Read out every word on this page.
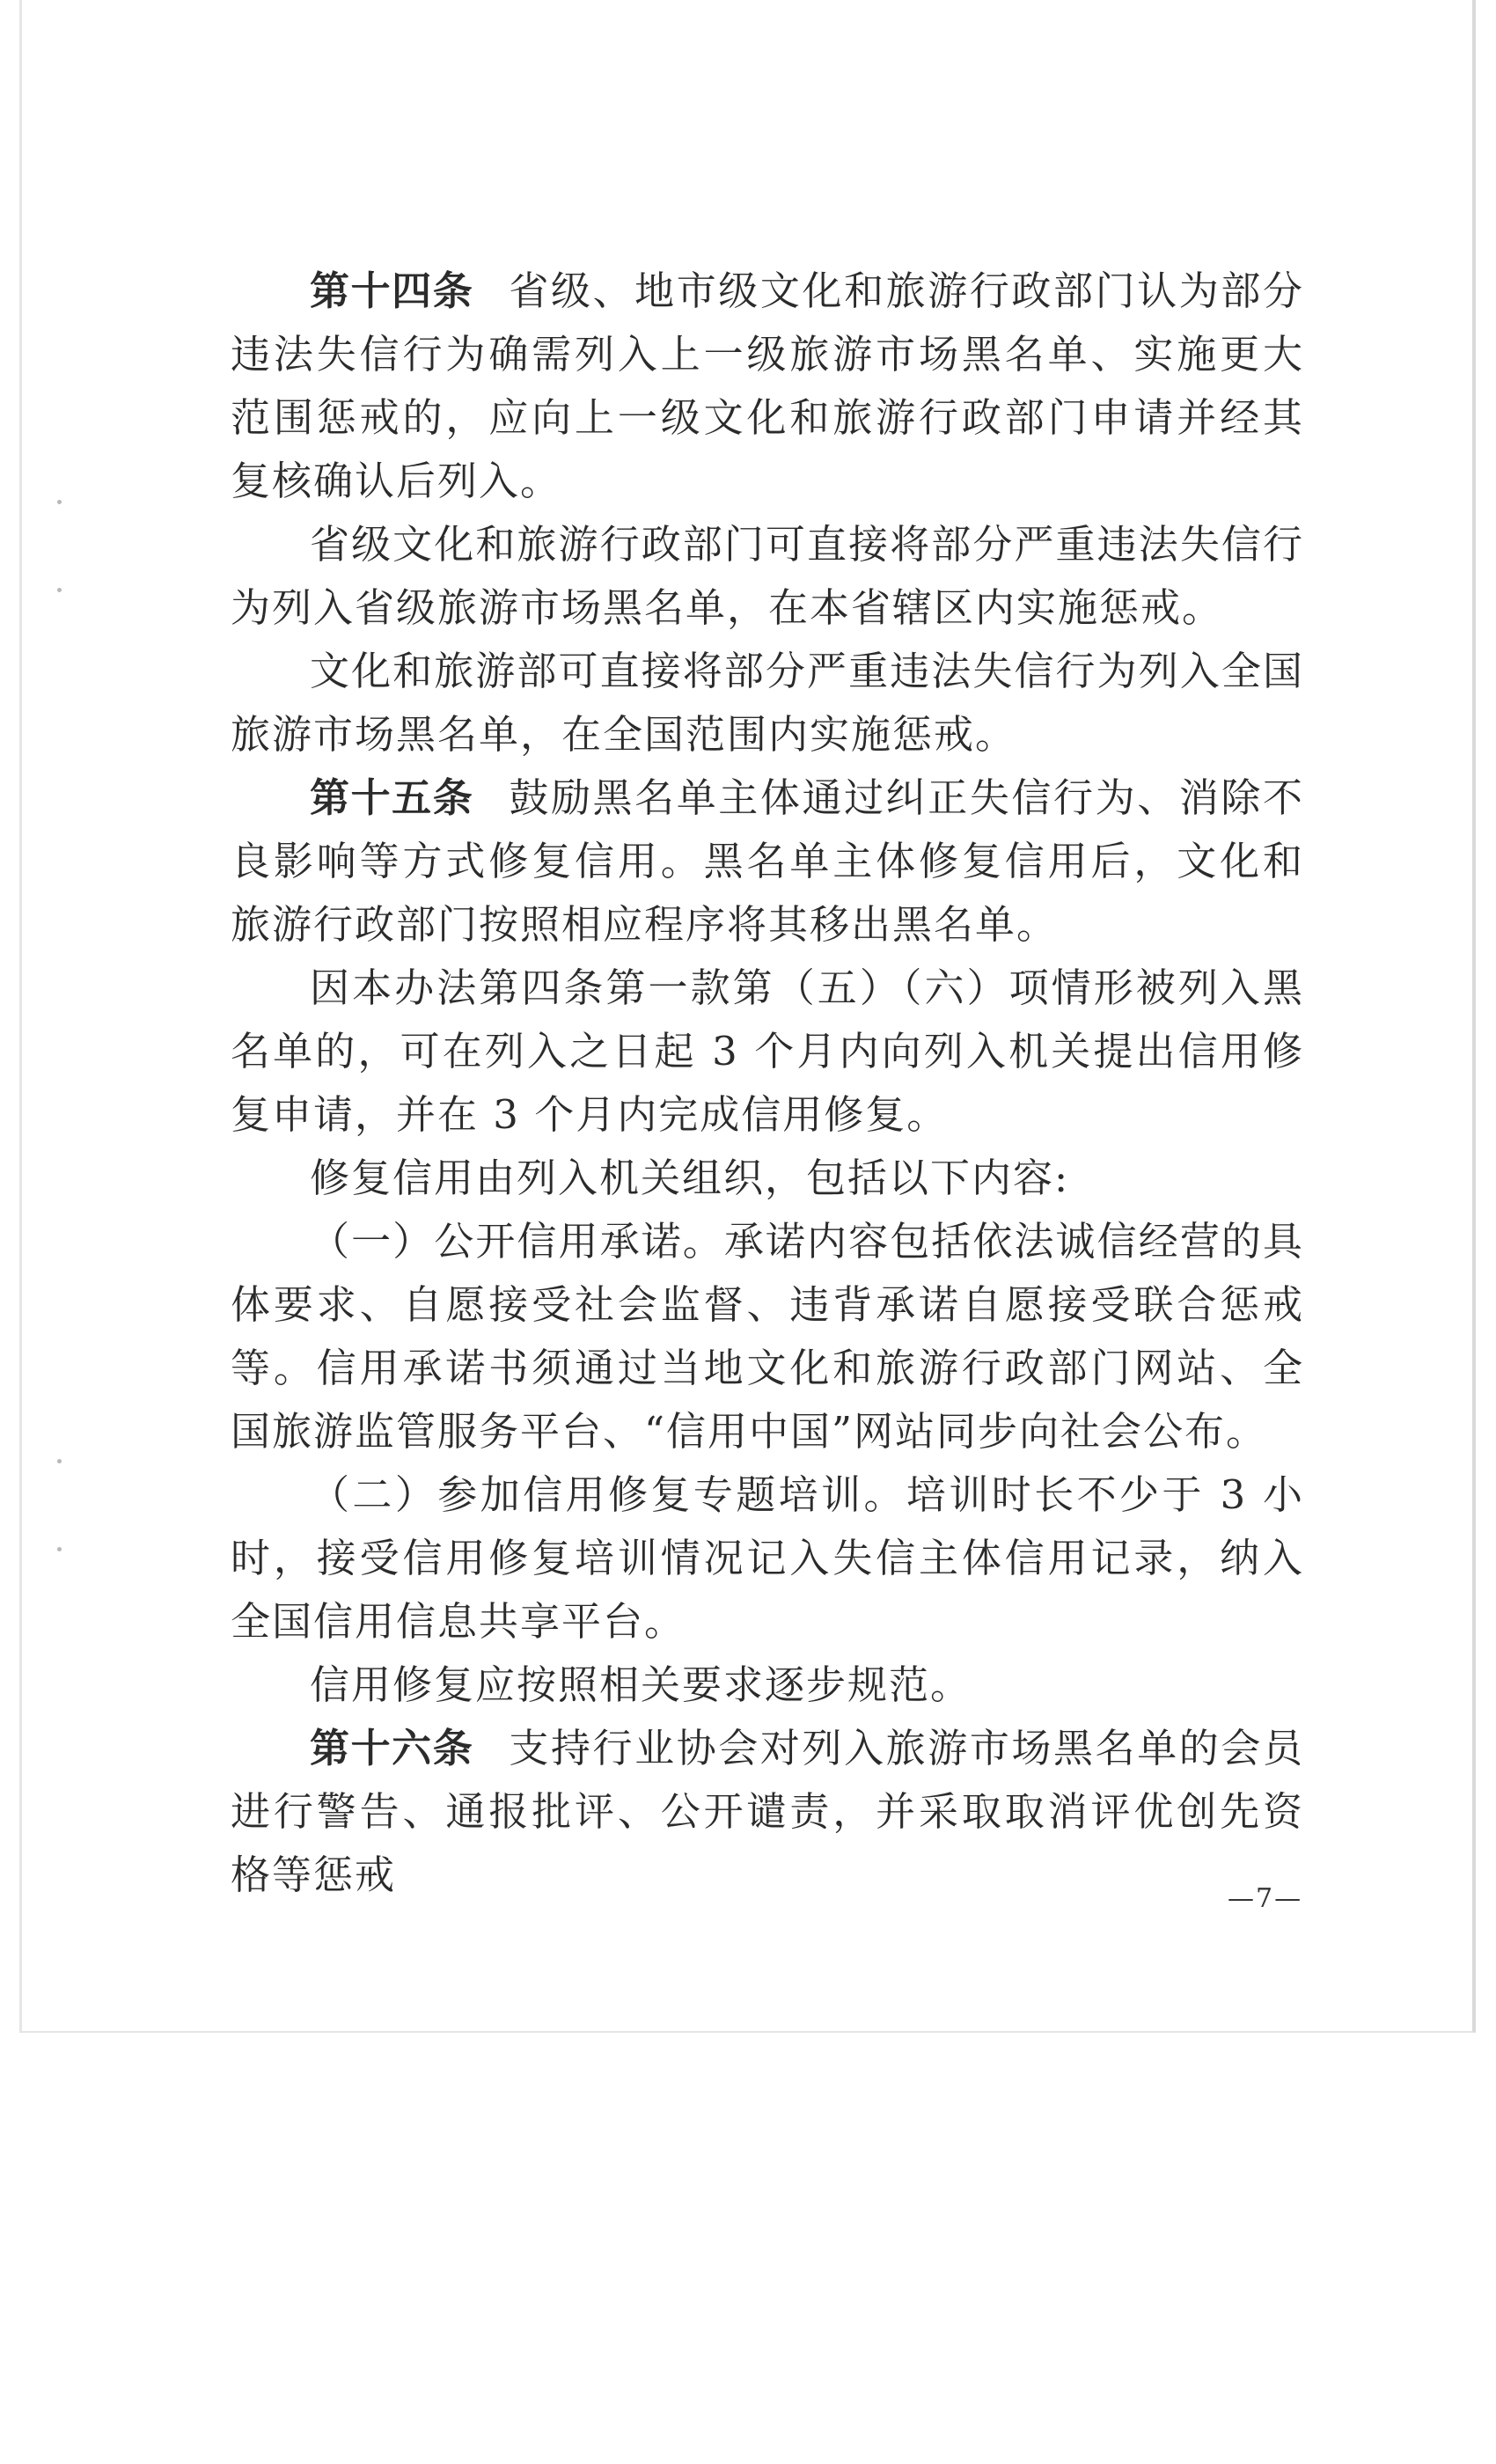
第十四条 省级、地市级文化和旅游行政部门认为部分违法失信行为确需列入上一级旅游市场黑名单、实施更大范围惩戒的，应向上一级文化和旅游行政部门申请并经其复核确认后列入。

省级文化和旅游行政部门可直接将部分严重违法失信行为列入省级旅游市场黑名单，在本省辖区内实施惩戒。

文化和旅游部可直接将部分严重违法失信行为列入全国旅游市场黑名单，在全国范围内实施惩戒。

第十五条 鼓励黑名单主体通过纠正失信行为、消除不良影响等方式修复信用。黑名单主体修复信用后，文化和旅游行政部门按照相应程序将其移出黑名单。

因本办法第四条第一款第（五）（六）项情形被列入黑名单的，可在列入之日起 3 个月内向列入机关提出信用修复申请，并在 3 个月内完成信用修复。

修复信用由列入机关组织，包括以下内容:

（一）公开信用承诺。承诺内容包括依法诚信经营的具体要求、自愿接受社会监督、违背承诺自愿接受联合惩戒等。信用承诺书须通过当地文化和旅游行政部门网站、全国旅游监管服务平台、“信用中国”网站同步向社会公布。

（二）参加信用修复专题培训。培训时长不少于 3 小时，接受信用修复培训情况记入失信主体信用记录，纳入全国信用信息共享平台。

信用修复应按照相关要求逐步规范。

第十六条 支持行业协会对列入旅游市场黑名单的会员进行警告、通报批评、公开谴责，并采取取消评优创先资格等惩戒

—7—
